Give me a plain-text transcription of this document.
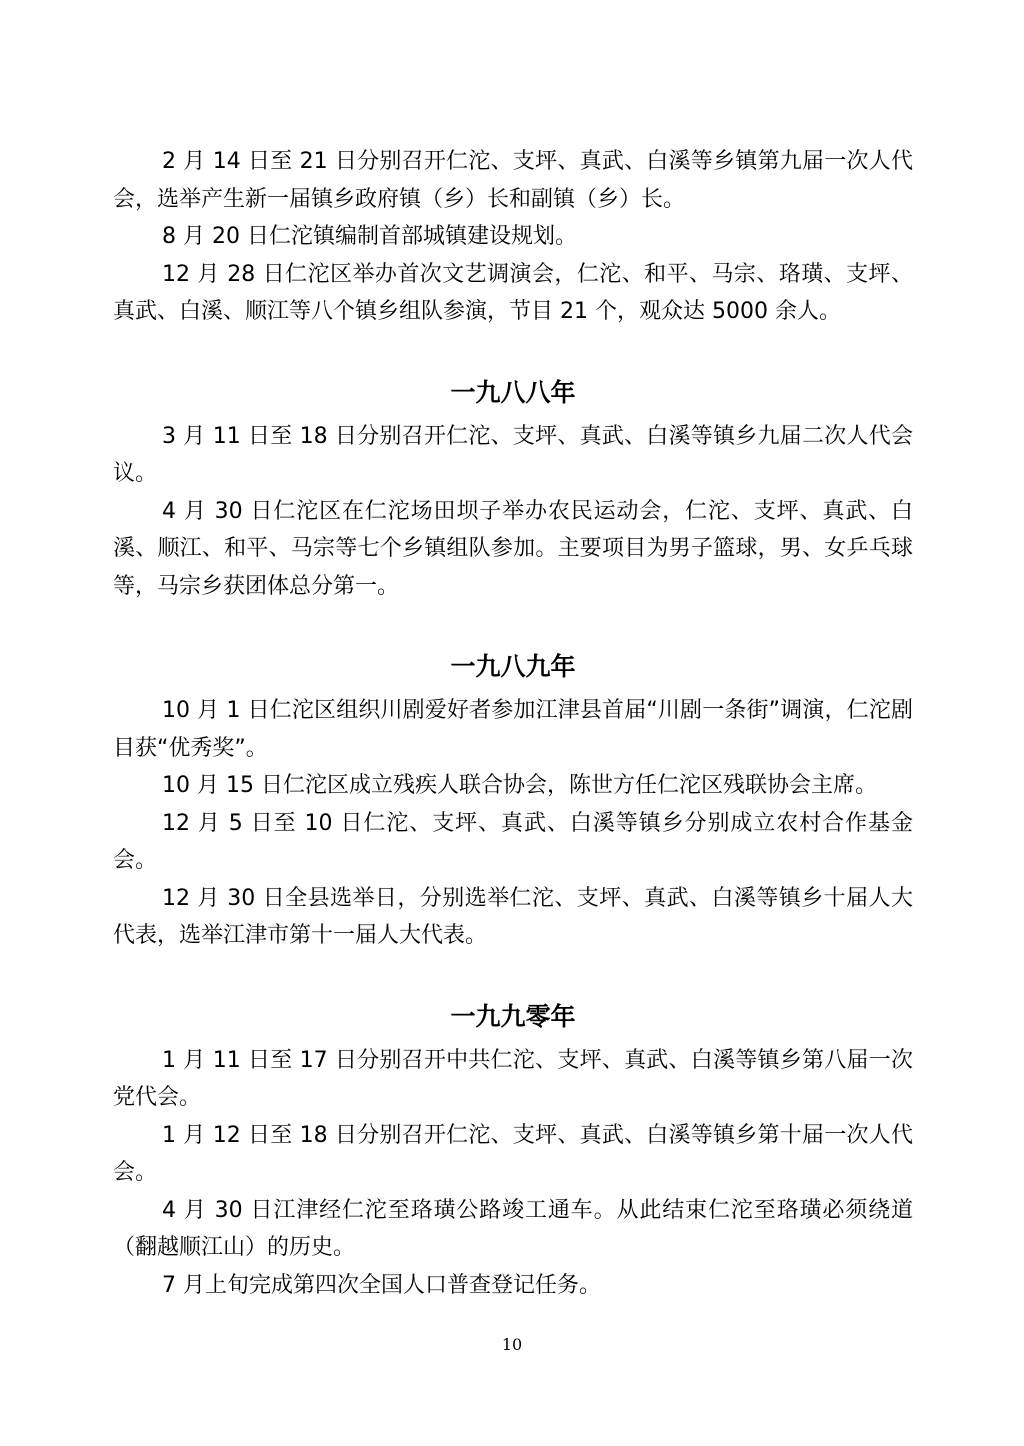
2 月 14 日至 21 日分别召开仁沱、支坪、真武、白溪等乡镇第九届一次人代会，选举产生新一届镇乡政府镇（乡）长和副镇（乡）长。

8 月 20 日仁沱镇编制首部城镇建设规划。

12 月 28 日仁沱区举办首次文艺调演会，仁沱、和平、马宗、珞璜、支坪、真武、白溪、顺江等八个镇乡组队参演，节目 21 个，观众达 5000 余人。

一九八八年

3 月 11 日至 18 日分别召开仁沱、支坪、真武、白溪等镇乡九届二次人代会议。

4 月 30 日仁沱区在仁沱场田坝子举办农民运动会，仁沱、支坪、真武、白溪、顺江、和平、马宗等七个乡镇组队参加。主要项目为男子篮球，男、女乒乓球等，马宗乡获团体总分第一。

一九八九年

10 月 1 日仁沱区组织川剧爱好者参加江津县首届“川剧一条街”调演，仁沱剧目获“优秀奖”。

10 月 15 日仁沱区成立残疾人联合协会，陈世方任仁沱区残联协会主席。

12 月 5 日至 10 日仁沱、支坪、真武、白溪等镇乡分别成立农村合作基金会。

12 月 30 日全县选举日，分别选举仁沱、支坪、真武、白溪等镇乡十届人大代表，选举江津市第十一届人大代表。

一九九零年

1 月 11 日至 17 日分别召开中共仁沱、支坪、真武、白溪等镇乡第八届一次党代会。

1 月 12 日至 18 日分别召开仁沱、支坪、真武、白溪等镇乡第十届一次人代会。

4 月 30 日江津经仁沱至珞璜公路竣工通车。从此结束仁沱至珞璜必须绕道（翻越顺江山）的历史。

7 月上旬完成第四次全国人口普查登记任务。

10
